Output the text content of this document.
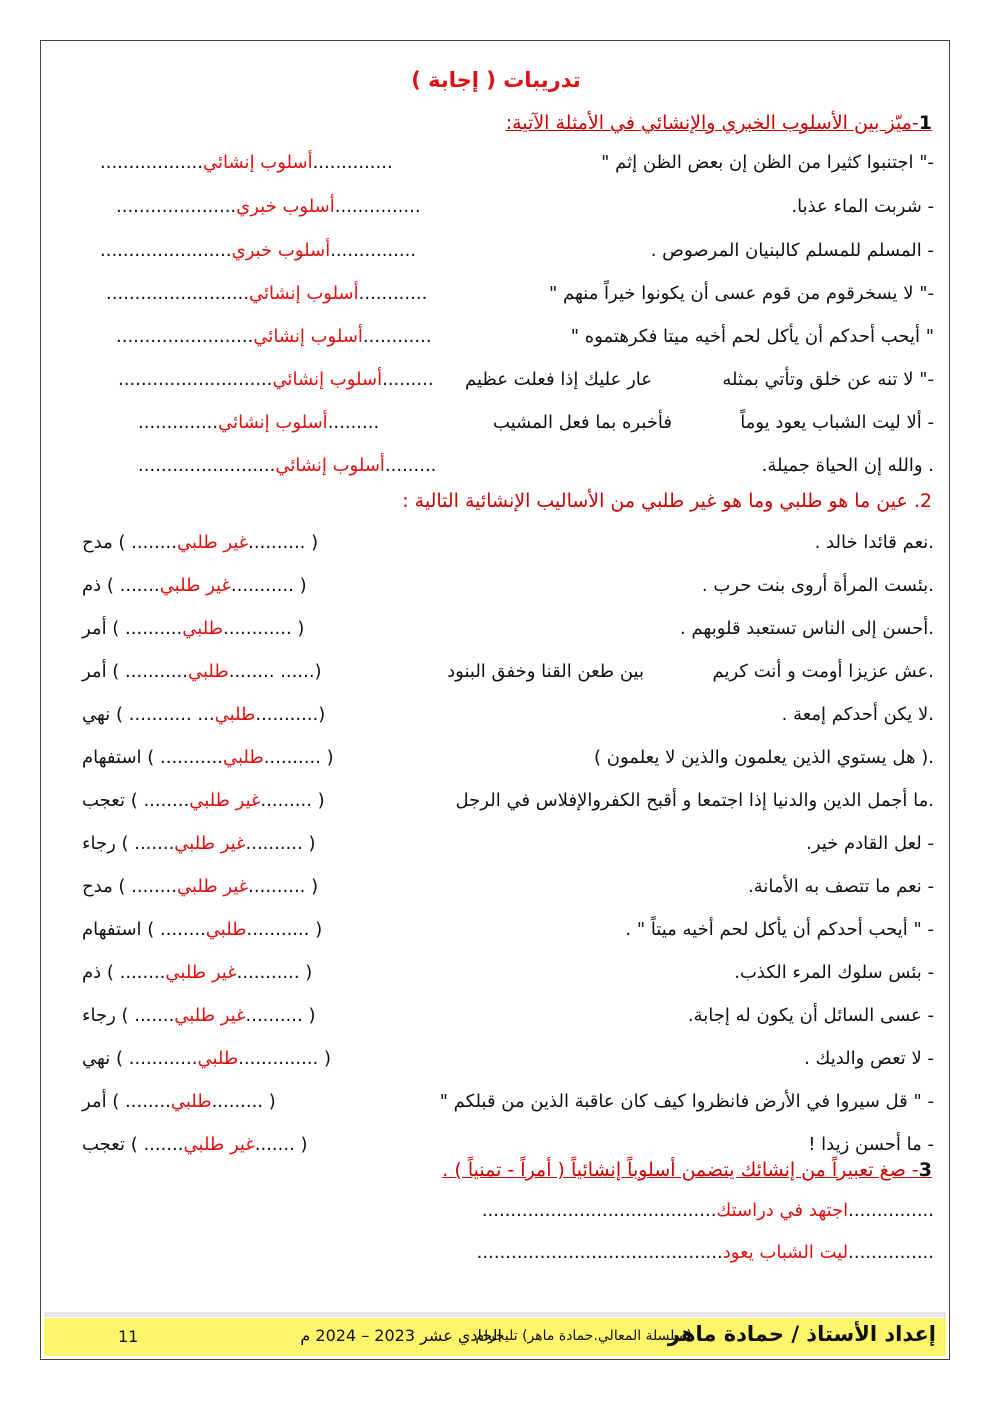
تدريبات ( إجابة )
1-ميّز بين الأسلوب الخبري والإنشائي في الأمثلة الآتية:
-" اجتنبوا كثيرا من الظن إن بعض الظن إثم "
..............أسلوب إنشائي..................
- شربت الماء عذبا.
...............أسلوب خبري.....................
- المسلم للمسلم كالبنيان المرصوص .
...............أسلوب خبري.......................
-" لا يسخرقوم من قوم عسى أن يكونوا خيراً منهم "
............أسلوب إنشائي.........................
" أيحب أحدكم أن يأكل لحم أخيه ميتا فكرهتموه "
............أسلوب إنشائي........................
-" لا تنه عن خلق وتأتي بمثله
عار عليك إذا فعلت عظيم
.........أسلوب إنشائي...........................
- ألا ليت الشباب يعود يوماً
فأخبره بما فعل المشيب
.........أسلوب إنشائي..............
. والله إن الحياة جميلة.
.........أسلوب إنشائي........................
2. عين ما هو طلبي وما هو غير طلبي من الأساليب الإنشائية التالية :
.نعم قائدا خالد .
( ..........غير طلبي........ ) مدح
.بئست المرأة أروى بنت حرب .
( ...........غير طلبي....... ) ذم
.أحسن إلى الناس تستعبد قلوبهم .
( ............طلبي.......... ) أمر
.عش عزيزا أومت و أنت كريم
بين طعن القنا وخفق البنود
(...... ........طلبي........... ) أمر
.لا يكن أحدكم إمعة .
(...........طلبي... ........... ) نهي
.( هل يستوي الذين يعلمون والذين لا يعلمون )
( ..........طلبي........... ) استفهام
.ما أجمل الدين والدنيا إذا اجتمعا و أقبح الكفروالإفلاس في الرجل
( .........غير طلبي........ ) تعجب
- لعل القادم خير.
( ..........غير طلبي....... ) رجاء
- نعم ما تتصف به الأمانة.
( ..........غير طلبي........ ) مدح
- " أيحب أحدكم أن يأكل لحم أخيه ميتاً " .
( ...........طلبي........ ) استفهام
- بئس سلوك المرء الكذب.
( ...........غير طلبي........ ) ذم
- عسى السائل أن يكون له إجابة.
( ..........غير طلبي....... ) رجاء
- لا تعص والديك .
( ..............طلبي............ ) نهي
- " قل سيروا في الأرض فانظروا كيف كان عاقبة الذين من قبلكم "
( .........طلبي........ ) أمر
- ما أحسن زيدا !
( .......غير طلبي....... ) تعجب
3- صغ تعبيراً من إنشائك يتضمن أسلوباً إنشائياً ( أمراً - تمنياً ) .
...............اجتهد في دراستك.........................................
...............ليت الشباب يعود...........................................
إعداد الأستاذ / حمادة ماهر
(سلسلة المعالي.حمادة ماهر) تليجرام
الحادي عشر 2023 – 2024 م
11
